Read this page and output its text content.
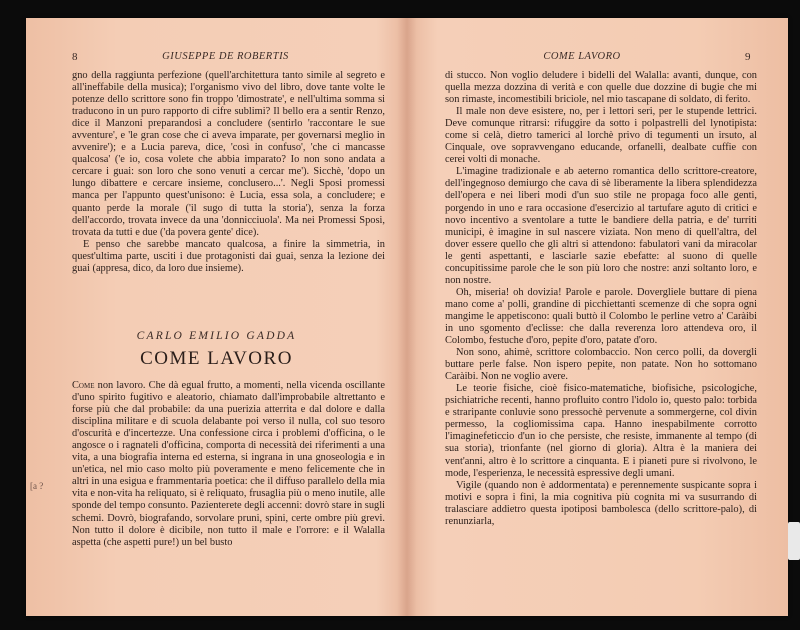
8	GIUSEPPE DE ROBERTIS

gno della raggiunta perfezione (quell'architettura tanto simile al segreto e all'ineffabile della musica); l'organismo vivo del libro, dove tante volte le potenze dello scrittore sono fin troppo 'dimostrate', e nell'ultima somma si traducono in un puro rapporto di cifre sublimi? Il bello era a sentir Renzo, dice il Manzoni preparandosi a concludere (sentirlo 'raccontare le sue avventure', e 'le gran cose che ci aveva imparate, per governarsi meglio in avvenire'); e a Lucia pareva, dice, 'così in confuso', 'che ci mancasse qualcosa' ('e io, cosa volete che abbia imparato? Io non sono andata a cercare i guai: son loro che sono venuti a cercar me'). Sicchè, 'dopo un lungo dibattere e cercare insieme, conclusero...'. Negli Sposi promessi manca per l'appunto quest'unisono: è Lucia, essa sola, a concludere; e quanto perde la morale ('il sugo di tutta la storia'), senza la forza dell'accordo, trovata invece da una 'donnicciuola'. Ma nei Promessi Sposi, trovata da tutti e due ('da povera gente' dice).

E penso che sarebbe mancato qualcosa, a finire la simmetria, in quest'ultima parte, usciti i due protagonisti dai guai, senza la lezione dei guai (appresa, dico, da loro due insieme).

CARLO EMILIO GADDA
COME LAVORO

Come non lavoro. Che dà egual frutto, a momenti, nella vicenda oscillante d'uno spirito fugitivo e aleatorio, chiamato dall'improbabile altrettanto e forse più che dal probabile: da una puerizia atterrita e dal dolore e dalla disciplina militare e di scuola delabante poi verso il nulla, col suo tesoro d'oscurità e d'incertezze. Una confessione circa i problemi d'officina, o le angosce o i ragnateli d'officina, comporta di necessità dei riferimenti a una vita, a una biografia interna ed esterna, si ingrana in una gnoseologia e in un'etica, nel mio caso molto più poveramente e meno felicemente che in altri in una esigua e frammentaria poetica: che il diffuso parallelo della mia vita e non-vita ha reliquato, si è reliquato, frusaglia più o meno inutile, alle sponde del tempo consunto. Pazienterete degli accenni: dovrò stare in sugli schemi. Dovrò, biografando, sorvolare pruni, spini, certe ombre più grevi. Non tutto il dolore è dicibile, non tutto il male e l'orrore: e il Walalla aspetta (che aspetti pure!) un bel busto

[a ?
COME LAVORO	9

di stucco. Non voglio deludere i bidelli del Walalla: avanti, dunque, con quella mezza dozzina di verità e con quelle due dozzine di bugie che mi son rimaste, incomestibili briciole, nel mio tascapane di soldato, di ferito.

Il male non deve esistere, no, per i lettori seri, per le stupende lettrici. Deve comunque ritrarsi: rifuggire da sotto i polpastrelli del lynotipista: come si celà, dietro tamerici al lorchè privo di tegumenti un irsuto, al Cinquale, ove sopravvengano educande, orfanelli, dealbate cuffie con cerei volti di monache.

L'imagine tradizionale e ab aeterno romantica dello scrittore-creatore, dell'ingegnoso demiurgo che cava di sè liberamente la libera splendidezza dell'opera e nei liberi modi d'un suo stile ne propaga foco alle genti, porgendo in uno e rara occasione d'esercizio al tartufare aguto di critici e novo incentivo a sventolare a tutte le bandiere della patria, e de' turriti municipi, è imagine in sul nascere viziata. Non meno di quell'altra, del dover essere quello che gli altri si attendono: fabulatori vani da miracolar le genti aspettanti, e lasciarle sazie ebefatte: al suono di quelle concupitissime parole che le son più loro che nostre: anzi soltanto loro, e non nostre.

Oh, miseria! oh dovizia! Parole e parole. Dovergliele buttare di piena mano come a' polli, grandine di picchiettanti scemenze di che sopra ogni mangime le appetiscono: quali buttò il Colombo le perline vetro a' Caràibi in uno sgomento d'eclisse: che dalla reverenza loro attendeva oro, il Colombo, festuche d'oro, pepite d'oro, patate d'oro.

Non sono, ahimè, scrittore colombaccio. Non cerco polli, da dovergli buttare perle false. Non ispero pepite, non patate. Non ho sottomano Caràibi. Non ne voglio avere.

Le teorie fisiche, cioè fisico-matematiche, biofisiche, psicologiche, psichiatriche recenti, hanno profluito contro l'idolo io, questo palo: torbida e straripante conluvie sono pressochè pervenute a sommergerne, col divin permesso, la cogliomissima capa. Hanno inespabilmente corrotto l'imaginefeticcio d'un io che persiste, che resiste, immanente al tempo (di sua storia), trionfante (nel giorno di gloria). Altra è la maniera dei vent'anni, altro è lo scrittore a cinquanta. E i pianeti pure si rivolvono, le mode, l'esperienza, le necessità espressive degli umani.

Vigile (quando non è addormentata) e perennemente suspicante sopra i motivi e sopra i fini, la mia cognitiva più cognita mi va susurrando di tralasciare addietro questa ipotiposi bambolesca (dello scrittore-palo), di renunziarla,
